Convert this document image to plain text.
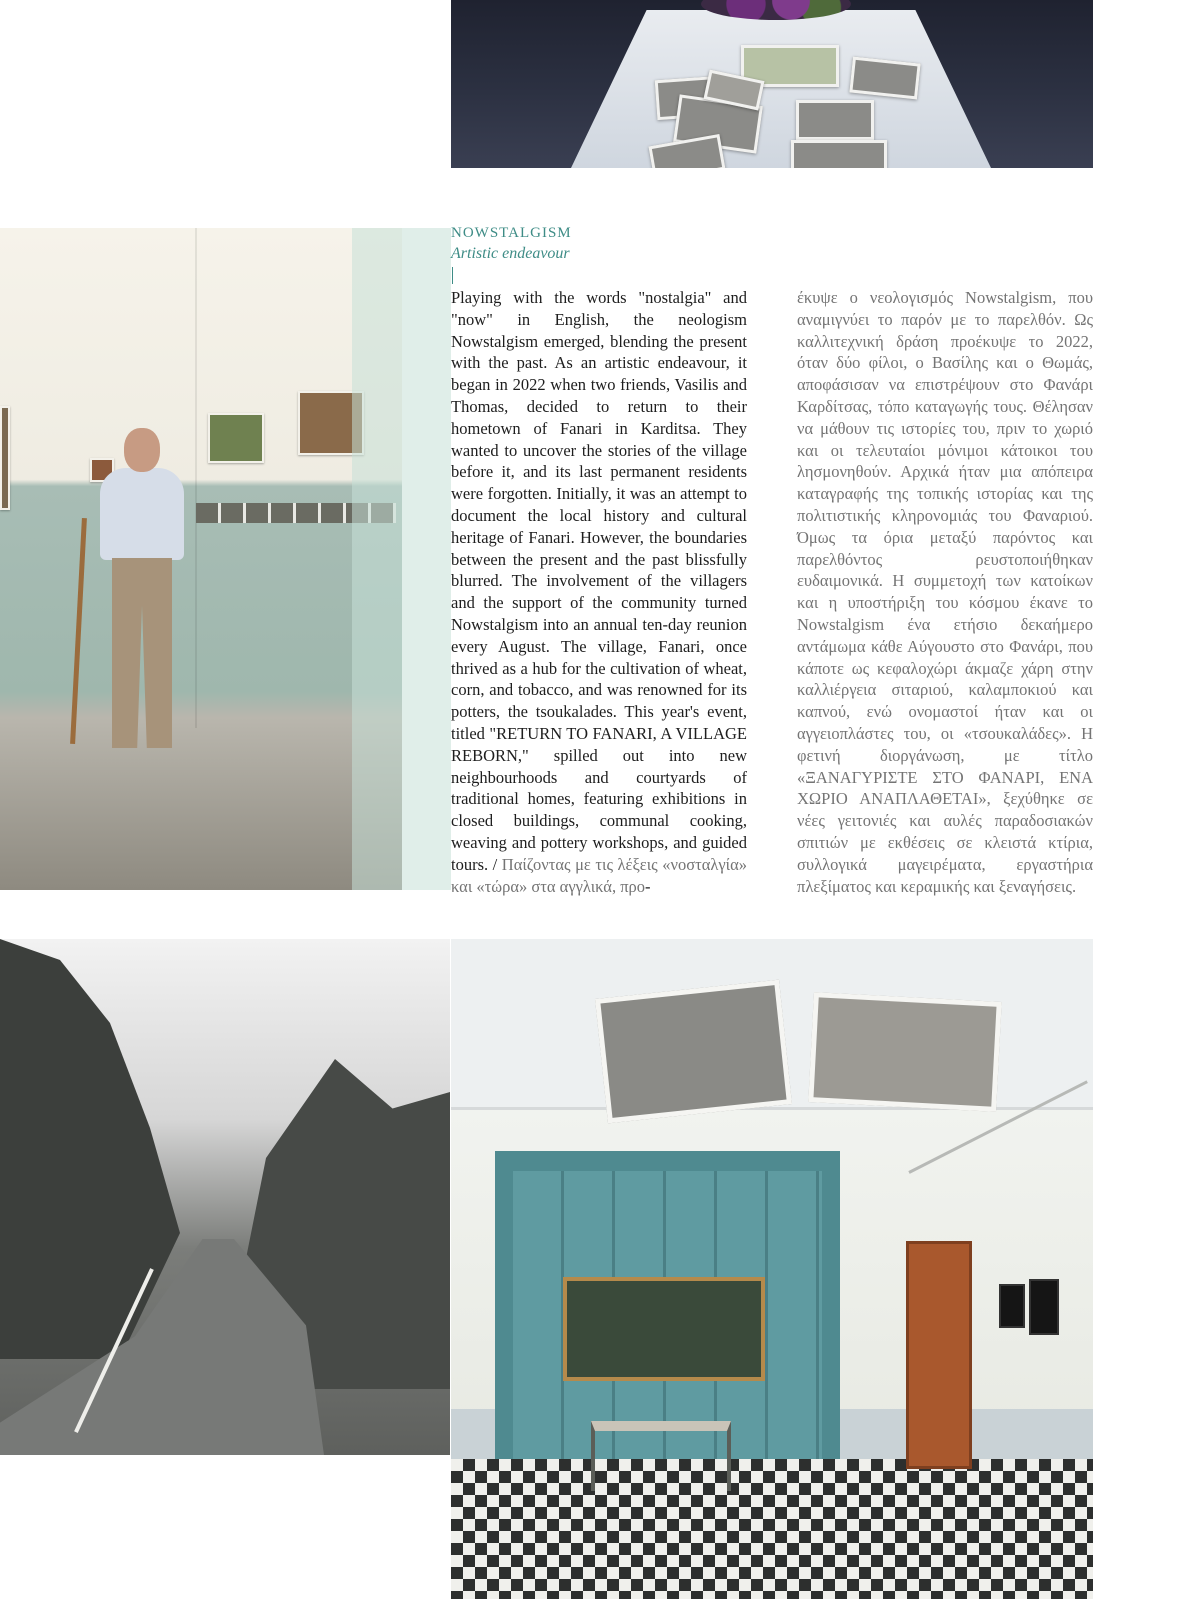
NOWSTALGISM

Artistic endeavour

Playing with the words "nostalgia" and "now" in English, the neologism Nowstalgism emerged, blending the present with the past. As an artistic endeavour, it began in 2022 when two friends, Vasilis and Thomas, decided to return to their hometown of Fanari in Karditsa. They wanted to uncover the stories of the village before it, and its last permanent residents were forgotten. Initially, it was an attempt to document the local history and cultural heritage of Fanari. However, the boundaries between the present and the past blissfully blurred. The involvement of the villagers and the support of the community turned Nowstalgism into an annual ten-day reunion every August. The village, Fanari, once thrived as a hub for the cultivation of wheat, corn, and tobacco, and was renowned for its potters, the tsoukalades. This year's event, titled "RETURN TO FANARI, A VILLAGE REBORN," spilled out into new neighbourhoods and courtyards of traditional homes, featuring exhibitions in closed buildings, communal cooking, weaving and pottery workshops, and guided tours. / Παίζοντας με τις λέξεις «νοσταλγία» και «τώρα» στα αγγλικά, προ-

έκυψε ο νεολογισμός Nowstalgism, που αναμιγνύει το παρόν με το παρελθόν. Ως καλλιτεχνική δράση προέκυψε το 2022, όταν δύο φίλοι, ο Βασίλης και ο Θωμάς, αποφάσισαν να επιστρέψουν στο Φανάρι Καρδίτσας, τόπο καταγωγής τους. Θέλησαν να μάθουν τις ιστορίες του, πριν το χωριό και οι τελευταίοι μόνιμοι κάτοικοι του λησμονηθούν. Αρχικά ήταν μια απόπειρα καταγραφής της τοπικής ιστορίας και της πολιτιστικής κληρονομιάς του Φαναριού. Όμως τα όρια μεταξύ παρόντος και παρελθόντος ρευστοποιήθηκαν ευδαιμονικά. Η συμμετοχή των κατοίκων και η υποστήριξη του κόσμου έκανε το Nowstalgism ένα ετήσιο δεκαήμερο αντάμωμα κάθε Αύγουστο στο Φανάρι, που κάποτε ως κεφαλοχώρι άκμαζε χάρη στην καλλιέργεια σιταριού, καλαμποκιού και καπνού, ενώ ονομαστοί ήταν και οι αγγειοπλάστες του, οι «τσουκαλάδες». Η φετινή διοργάνωση, με τίτλο «ΞΑΝΑΓΥΡΙΣΤΕ ΣΤΟ ΦΑΝΑΡΙ, ΕΝΑ ΧΩΡΙΟ ΑΝΑΠΛΑΘΕΤΑΙ», ξεχύθηκε σε νέες γειτονιές και αυλές παραδοσιακών σπιτιών με εκθέσεις σε κλειστά κτίρια, συλλογικά μαγειρέματα, εργαστήρια πλεξίματος και κεραμικής και ξεναγήσεις.
